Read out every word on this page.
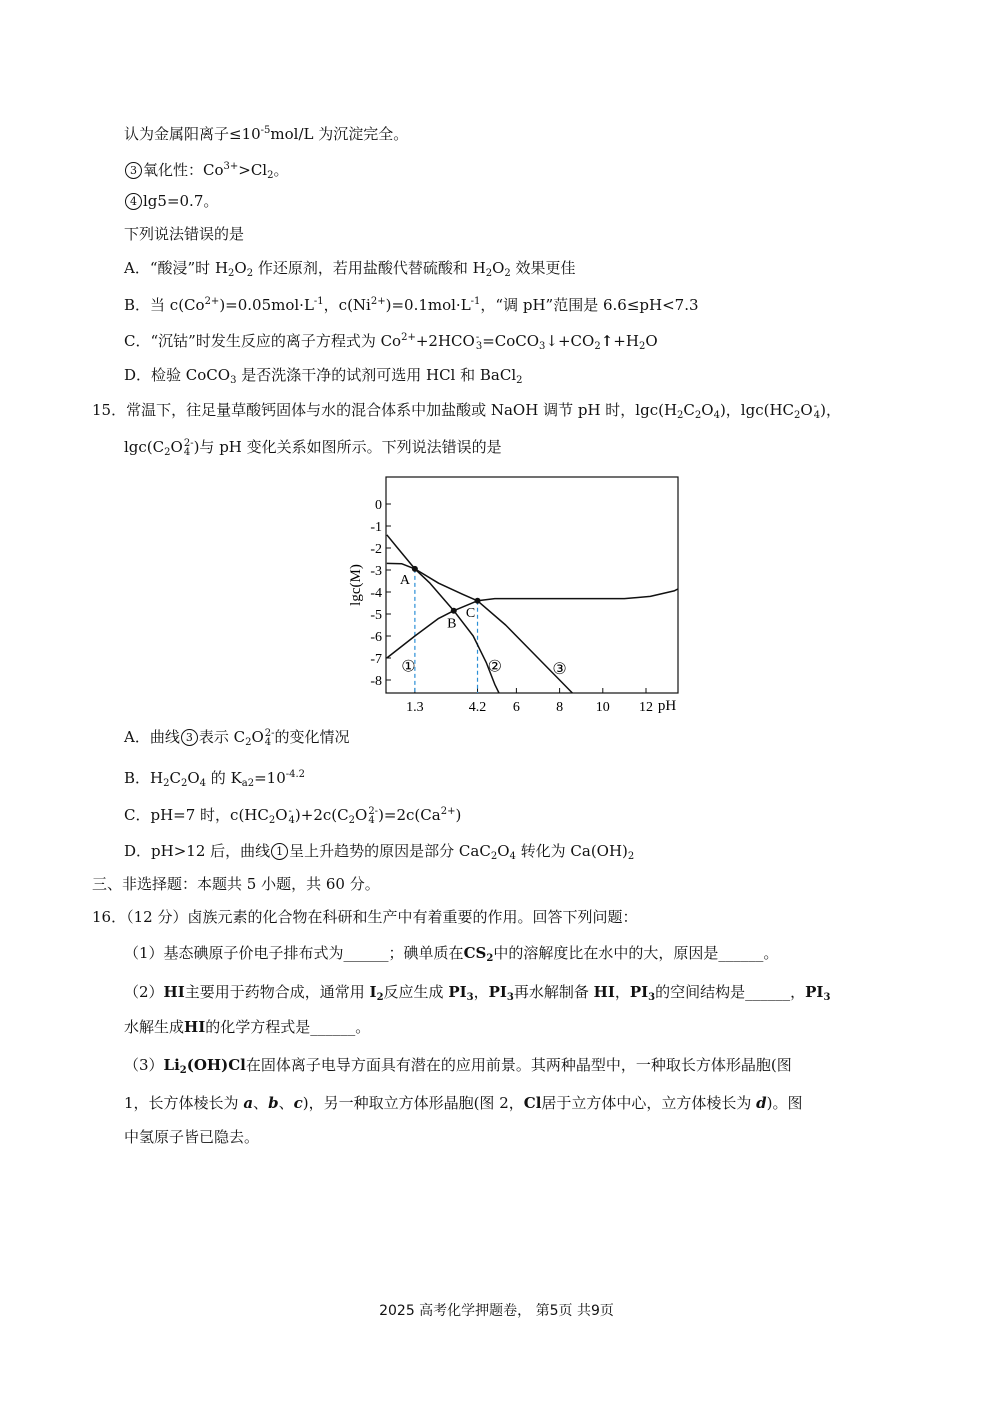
认为金属阳离子$\le 10^{-5}mol/L$ 为沉淀完全。
3 氧化性：$Co^{3+}>Cl_2$。
4 lg5=0.7。
下列说法错误的是
A．“酸浸”时 $H_2O_2$ 作还原剂，若用盐酸代替硫酸和 $H_2O_2$ 效果更佳
B．当 $c(Co^{2+})=0.05mol\cdot L^{-1}$，$c(Ni^{2+})=0.1mol\cdot L^{-1}$，“调 pH”范围是 6.6≤pH<7.3
C．“沉钴”时发生反应的离子方程式为 $Co^{2+}+2HCO$ -
$3 =CoCO_3↓+CO_2↑+H_2O$
D．检验 CoCO$_3$ 是否洗涤干净的试剂可选用 HCl 和 BaCl$_2$
15．常温下，往足量草酸钙固体与水的混合体系中加盐酸或 NaOH 调节 pH 时，$\lg c(H_2C_2O_4)$，$\lg c(HC_2O$ -
4 )，
$\lg c(C_2O$ 2-
4 )与 pH 变化关系如图所示。下列说法错误的是
0
-1
-2
-3
-4
-5
-6
-7
-8
1.3	4.2 6	8 10 12 pH
①	②	③
A
B
C
lgc(M)
A．曲线 3 表示 $C_2O$ 2-
4 的变化情况
B．$H_2C_2O_4$ 的 $K_{a2}=10^{-4.2}$
C．pH=7 时，$c(HC_2O$ -
4 )$+2c(C_2O$ 2-
4 )$=2c(Ca^{2+})$
D．pH>12 后，曲线 1 呈上升趋势的原因是部分 $CaC_2O_4$ 转化为 $Ca(OH)_2$
三、非选择题：本题共 5 小题，共 60 分。
16．（12 分）卤族元素的化合物在科研和生产中有着重要的作用。回答下列问题：
（1）基态碘原子价电子排布式为______；碘单质在$CS_2$中的溶解度比在水中的大，原因是______。
（2）HI主要用于药物合成，通常用 $I_2$反应生成 $PI_3$，$PI_3$再水解制备 HI，$PI_3$的空间结构是______，$PI_3$
水解生成HI的化学方程式是______。
$(3)Li_2(OH)Cl$在固体离子电导方面具有潜在的应用前景。其两种晶型中，一种取长方体形晶胞(图
1，长方体棱长为 a、b、c)，另一种取立方体形晶胞(图 2，Cl居于立方体中心，立方体棱长为 d)。图
中氢原子皆已隐去。
2025 高考化学押题卷， 第5页 共9页
